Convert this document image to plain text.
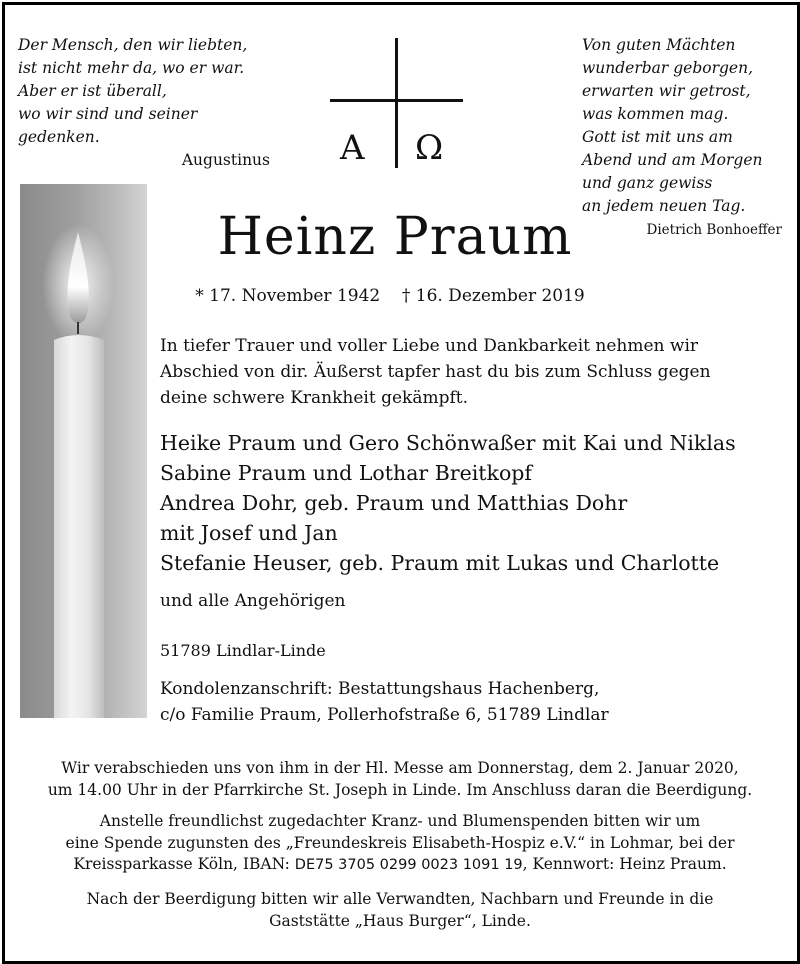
Der Mensch, den wir liebten,
ist nicht mehr da, wo er war.
Aber er ist überall,
wo wir sind und seiner gedenken.
Augustinus A Ω
Von guten Mächten
wunderbar geborgen,
erwarten wir getrost,
was kommen mag.
Gott ist mit uns am
Abend und am Morgen
und ganz gewiss
an jedem neuen Tag.
Dietrich Bonhoeffer
Heinz Praum
* 17. November 1942 † 16. Dezember 2019
In tiefer Trauer und voller Liebe und Dankbarkeit nehmen wir
Abschied von dir. Äußerst tapfer hast du bis zum Schluss gegen
deine schwere Krankheit gekämpft.
Heike Praum und Gero Schönwaßer mit Kai und Niklas
Sabine Praum und Lothar Breitkopf
Andrea Dohr, geb. Praum und Matthias Dohr
mit Josef und Jan
Stefanie Heuser, geb. Praum mit Lukas und Charlotte
und alle Angehörigen
51789 Lindlar-Linde
Kondolenzanschrift: Bestattungshaus Hachenberg,
c/o Familie Praum, Pollerhofstraße 6, 51789 Lindlar
Wir verabschieden uns von ihm in der Hl. Messe am Donnerstag, dem 2. Januar 2020,
um 14.00 Uhr in der Pfarrkirche St. Joseph in Linde. Im Anschluss daran die Beerdigung.
Anstelle freundlichst zugedachter Kranz- und Blumenspenden bitten wir um
eine Spende zugunsten des „Freundeskreis Elisabeth-Hospiz e.V.“ in Lohmar, bei der
Kreissparkasse Köln, IBAN: DE75 3705 0299 0023 1091 19, Kennwort: Heinz Praum.
Nach der Beerdigung bitten wir alle Verwandten, Nachbarn und Freunde in die
Gaststätte „Haus Burger“, Linde.
